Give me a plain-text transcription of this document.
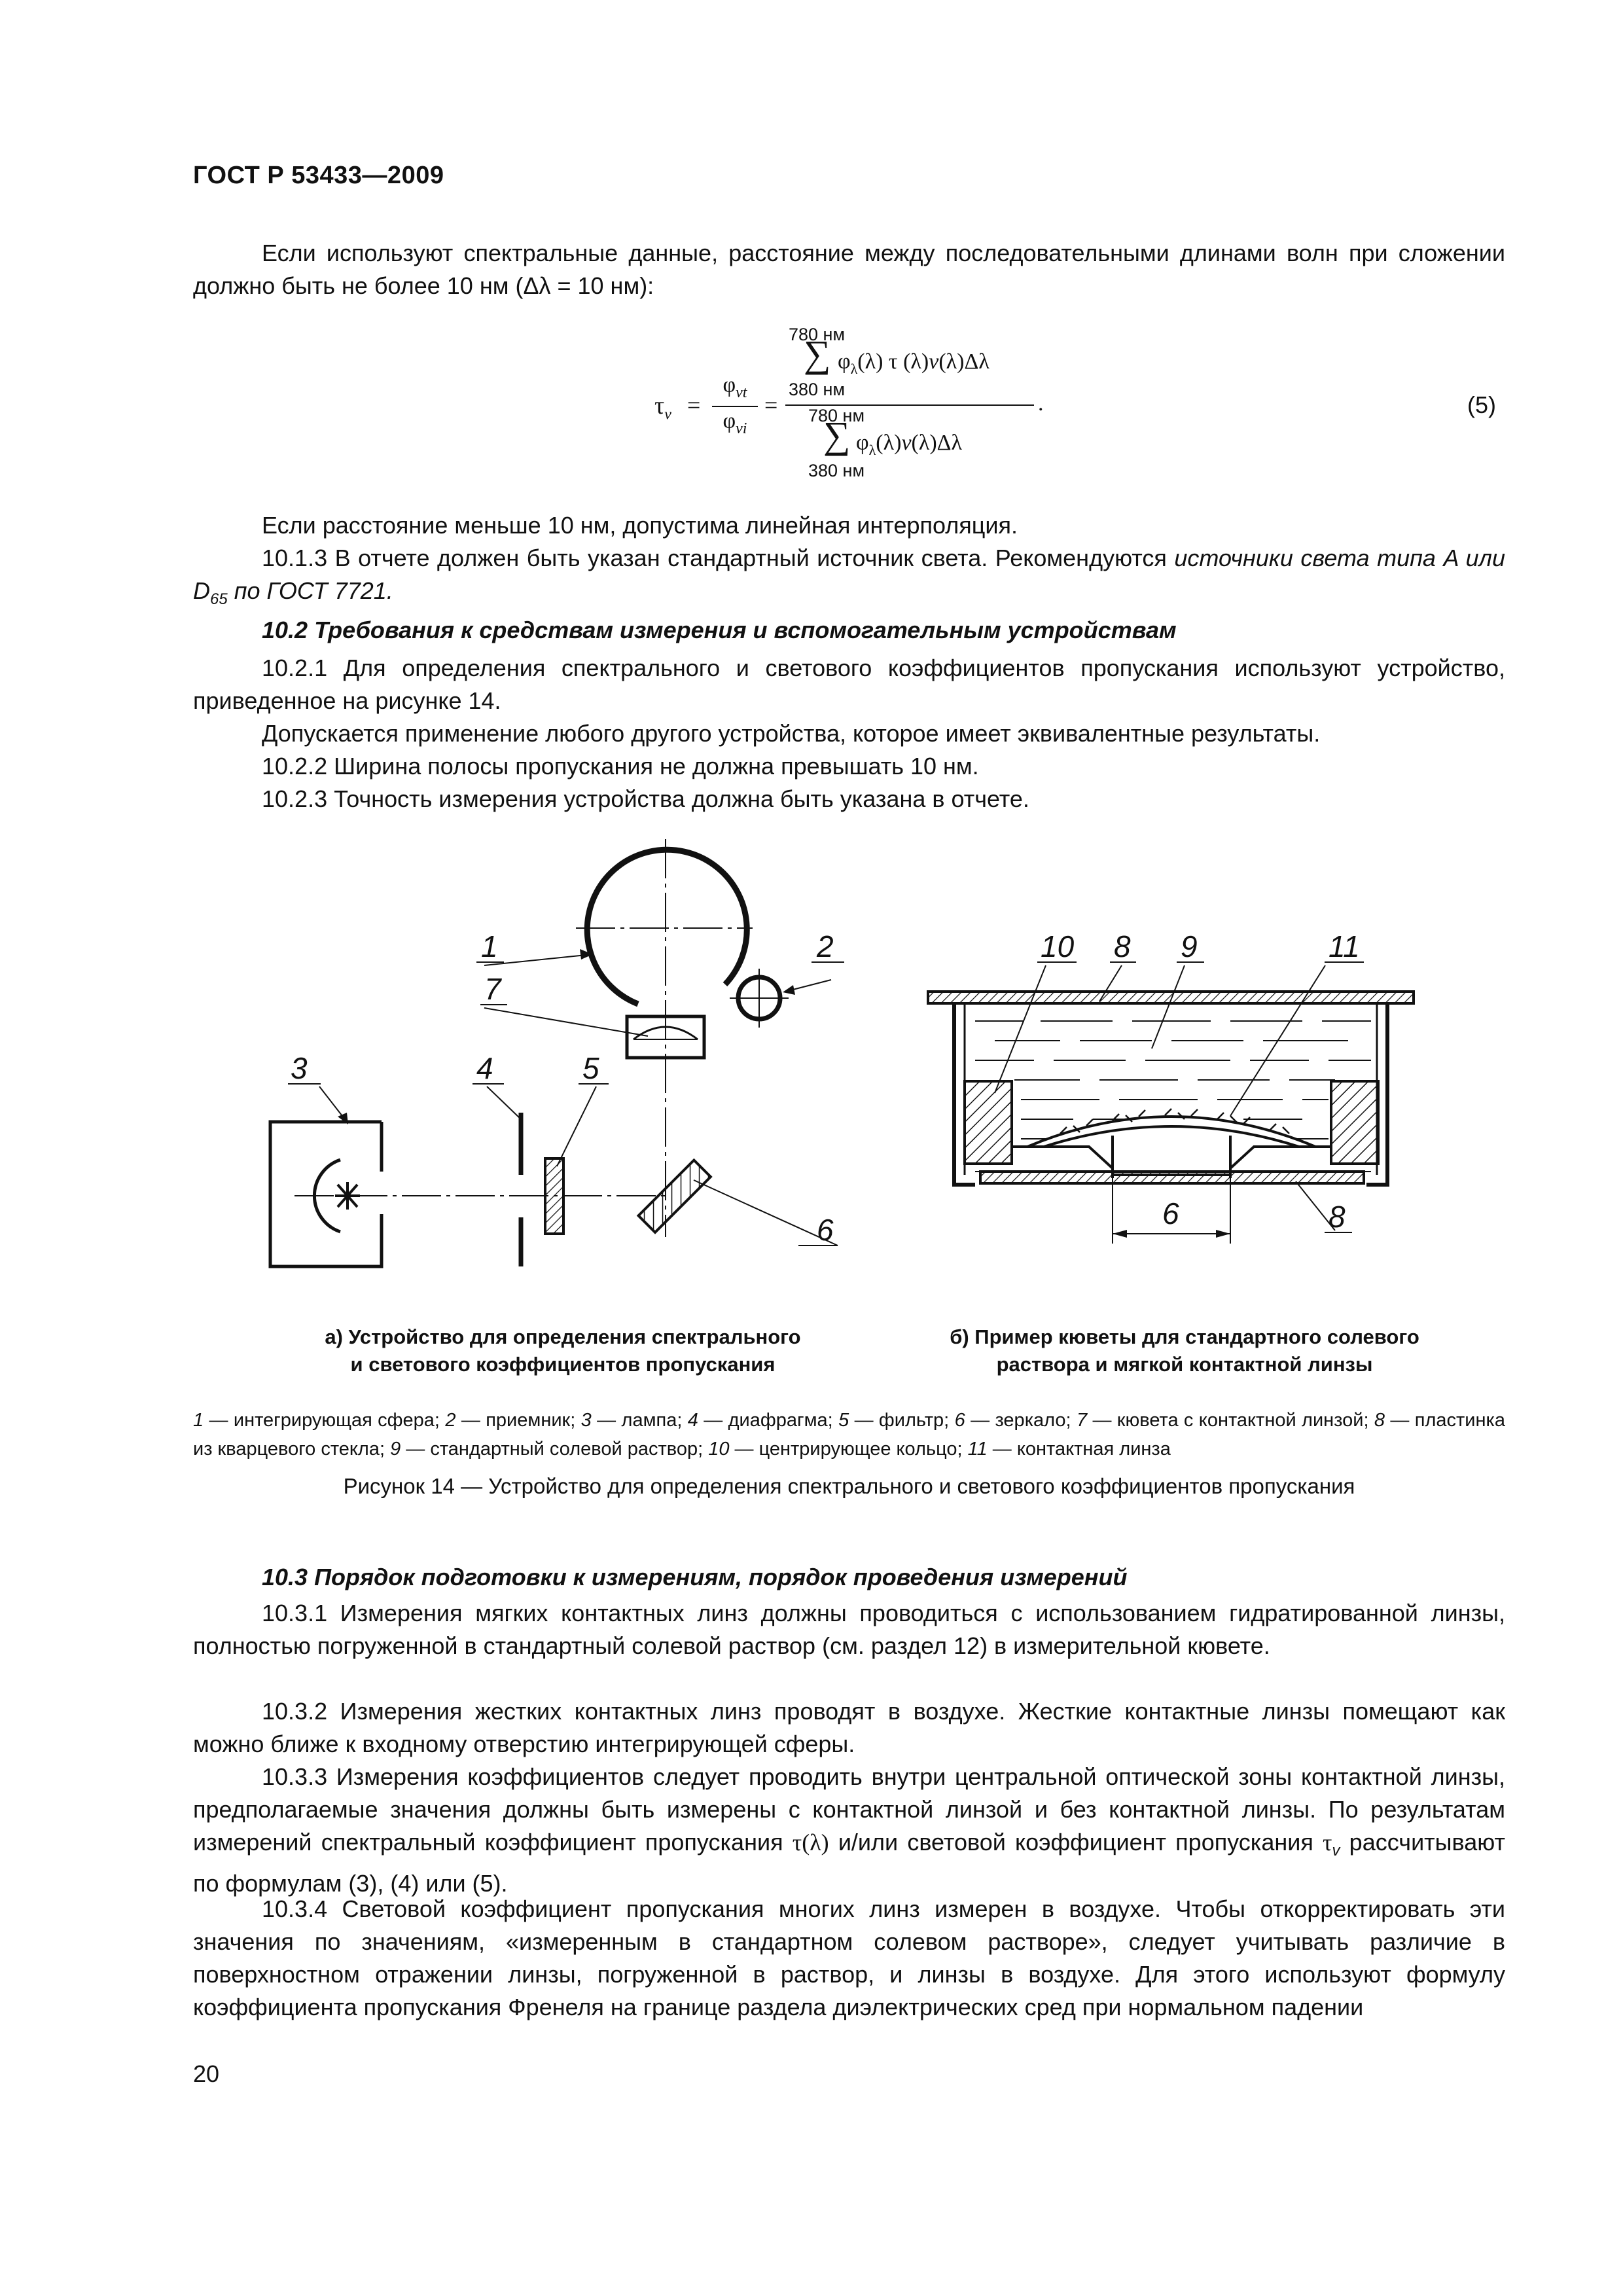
ГОСТ Р 53433—2009
Если используют спектральные данные, расстояние между последовательными длинами волн при сложении должно быть не более 10 нм (Δλ = 10 нм):
$\tau_v$ =
$\varphi_{vt}$
$\varphi_{vi}$
=
780 нм
∑
380 нм
$\varphi_\lambda(\lambda)$ τ (λ)v(λ)Δλ
.
780 нм
∑
380 нм
$\varphi_\lambda(\lambda)v(\lambda)\Delta\lambda$
(5)
Если расстояние меньше 10 нм, допустима линейная интерполяция.
10.1.3 В отчете должен быть указан стандартный источник света. Рекомендуются источники света типа A или $D_{65}$ по ГОСТ 7721.
10.2 Требования к средствам измерения и вспомогательным устройствам
10.2.1 Для определения спектрального и светового коэффициентов пропускания используют устройство, приведенное на рисунке 14.
Допускается применение любого другого устройства, которое имеет эквивалентные результаты.
10.2.2 Ширина полосы пропускания не должна превышать 10 нм.
10.2.3 Точность измерения устройства должна быть указана в отчете.
1	2
7
3	4	5
6
10 8 9	11
6	8
а) Устройство для определения спектрального
и светового коэффициентов пропускания
б) Пример кюветы для стандартного солевого
раствора и мягкой контактной линзы
1 — интегрирующая сфера; 2 — приемник; 3 — лампа; 4 — диафрагма; 5 — фильтр; 6 — зеркало; 7 — кювета с контактной линзой; 8 — пластинка из кварцевого стекла; 9 — стандартный солевой раствор; 10 — центрирующее кольцо; 11 — контактная линза
Рисунок 14 — Устройство для определения спектрального и светового коэффициентов пропускания
10.3 Порядок подготовки к измерениям, порядок проведения измерений
10.3.1 Измерения мягких контактных линз должны проводиться с использованием гидратированной линзы, полностью погруженной в стандартный солевой раствор (см. раздел 12) в измерительной кювете.
10.3.2 Измерения жестких контактных линз проводят в воздухе. Жесткие контактные линзы помещают как можно ближе к входному отверстию интегрирующей сферы.
10.3.3 Измерения коэффициентов следует проводить внутри центральной оптической зоны контактной линзы, предполагаемые значения должны быть измерены с контактной линзой и без контактной линзы. По результатам измерений спектральный коэффициент пропускания τ(λ) и/или световой коэффициент пропускания $\tau_v$ рассчитывают по формулам (3), (4) или (5).
10.3.4 Световой коэффициент пропускания многих линз измерен в воздухе. Чтобы откорректировать эти значения по значениям, «измеренным в стандартном солевом растворе», следует учитывать различие в поверхностном отражении линзы, погруженной в раствор, и линзы в воздухе. Для этого используют формулу коэффициента пропускания Френеля на границе раздела диэлектрических сред при нормальном падении
20
